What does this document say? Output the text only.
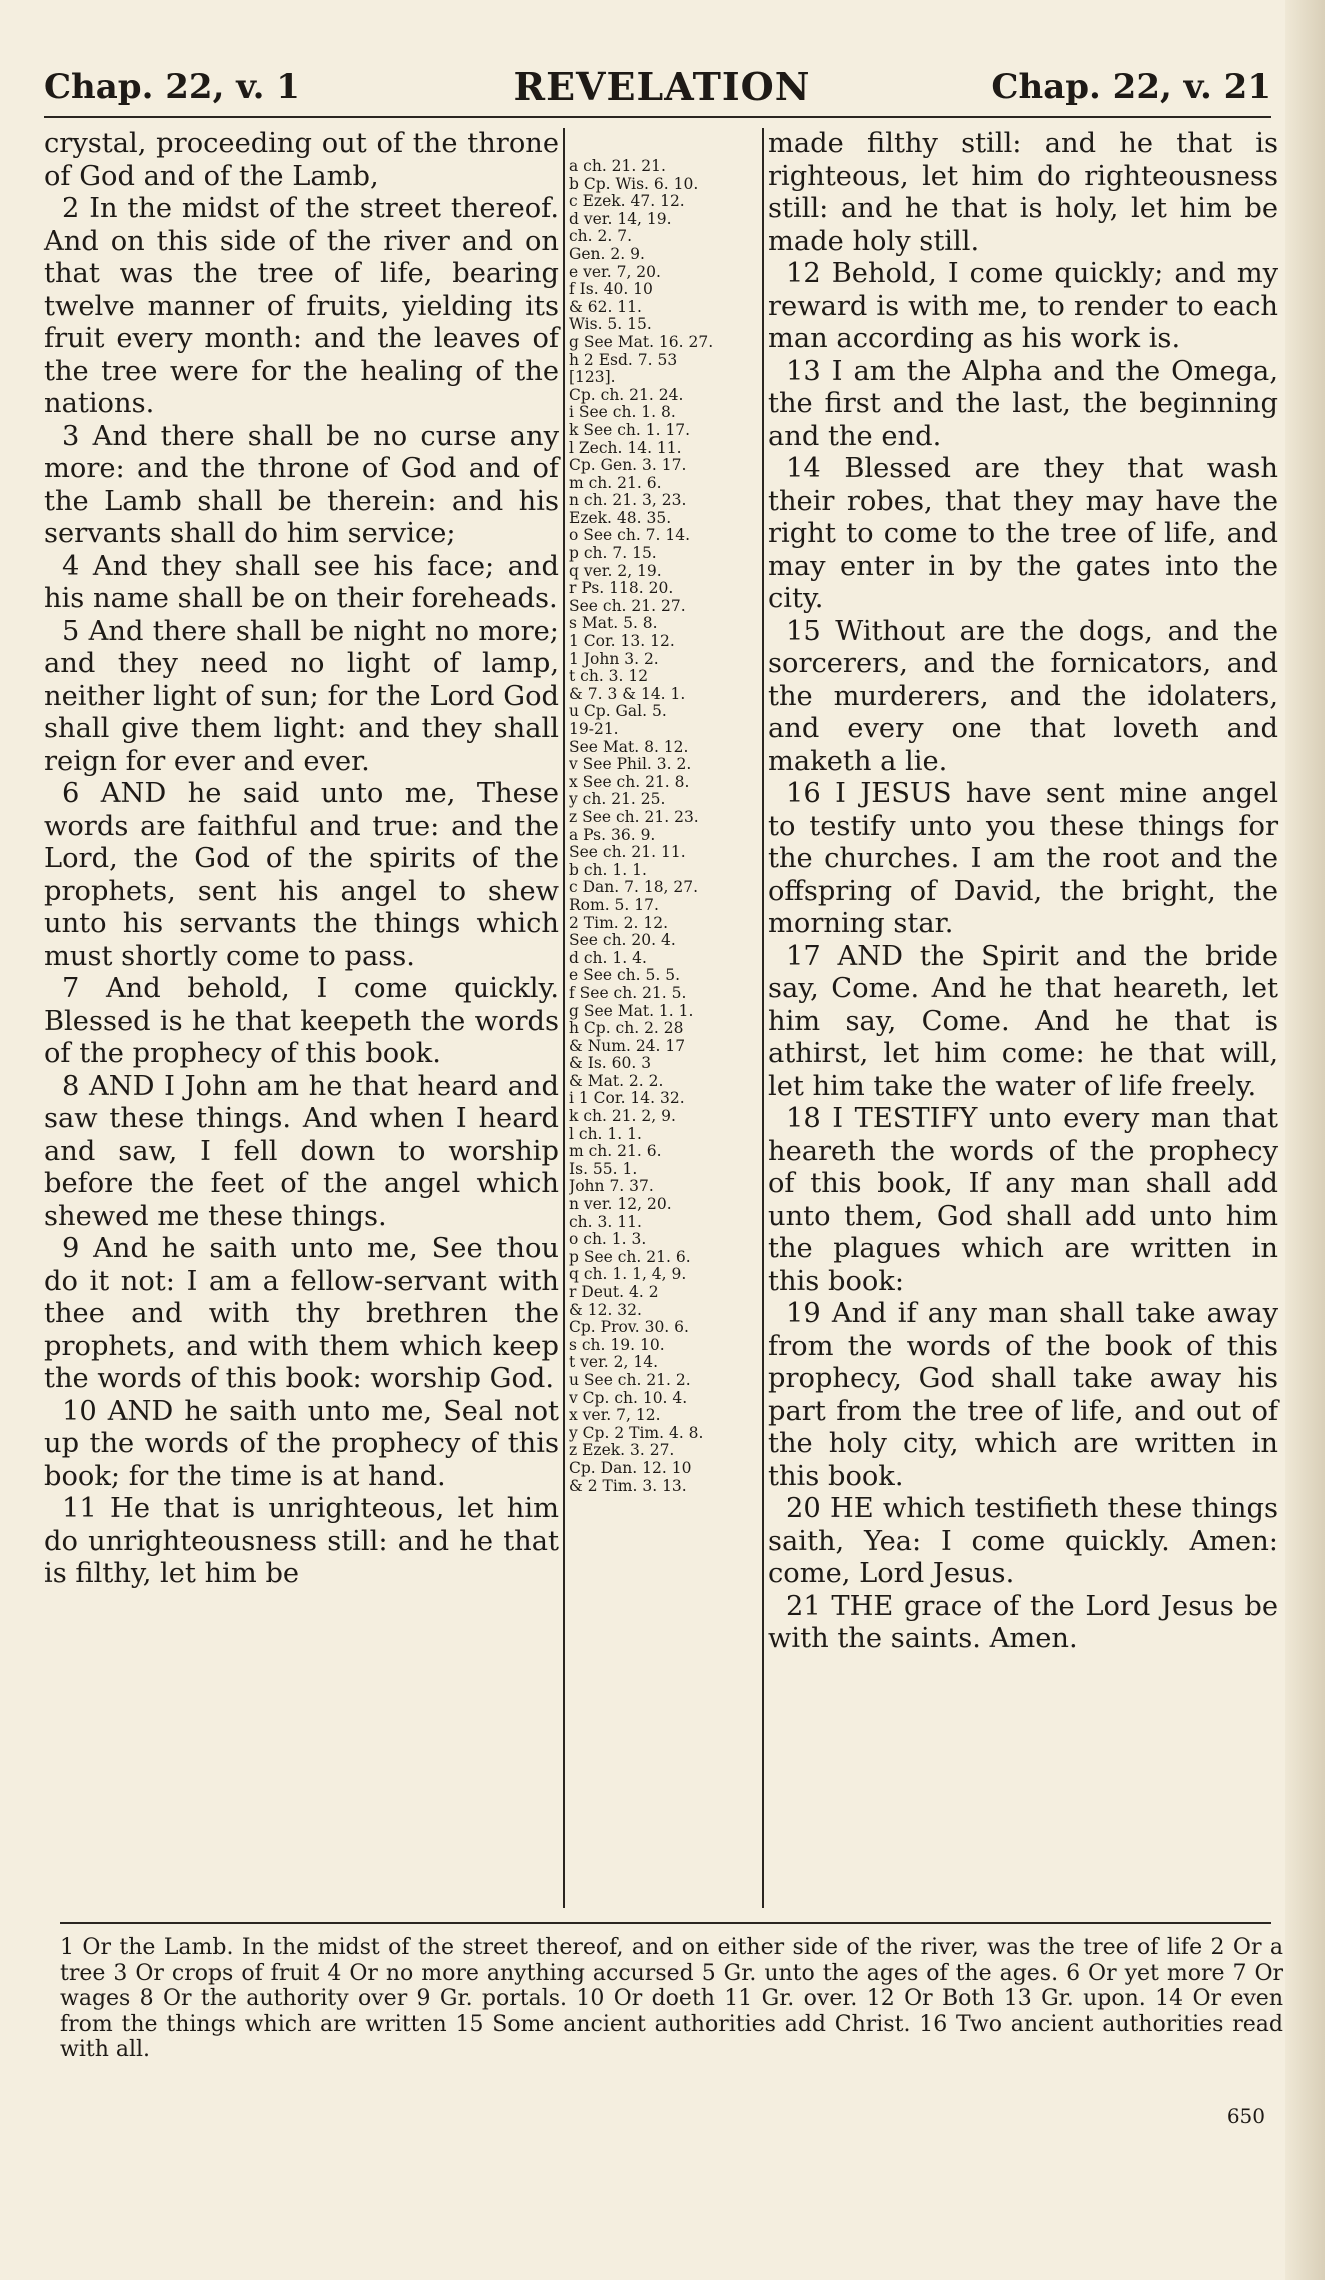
Chap. 22, v. 1	REVELATION	Chap. 22, v. 21

crystal, proceeding out of the throne of God and of the Lamb,

2 In the midst of the street thereof. And on this side of the river and on that was the tree of life, bearing twelve manner of fruits, yielding its fruit every month: and the leaves of the tree were for the healing of the nations.

3 And there shall be no curse any more: and the throne of God and of the Lamb shall be therein: and his servants shall do him service;

4 And they shall see his face; and his name shall be on their foreheads.

5 And there shall be night no more; and they need no light of lamp, neither light of sun; for the Lord God shall give them light: and they shall reign for ever and ever.

6 AND he said unto me, These words are faithful and true: and the Lord, the God of the spirits of the prophets, sent his angel to shew unto his servants the things which must shortly come to pass.

7 And behold, I come quickly. Blessed is he that keepeth the words of the prophecy of this book.

8 AND I John am he that heard and saw these things. And when I heard and saw, I fell down to worship before the feet of the angel which shewed me these things.

9 And he saith unto me, See thou do it not: I am a fellow-servant with thee and with thy brethren the prophets, and with them which keep the words of this book: worship God.

10 AND he saith unto me, Seal not up the words of the prophecy of this book; for the time is at hand.

11 He that is unrighteous, let him do unrighteousness still: and he that is filthy, let him be

a ch. 21. 21.
b Cp. Wis. 6. 10.
c Ezek. 47. 12.
d ver. 14, 19.
ch. 2. 7.
Gen. 2. 9.
e ver. 7, 20.
f Is. 40. 10
& 62. 11.
Wis. 5. 15.
g See Mat. 16. 27.
h 2 Esd. 7. 53
[123].
Cp. ch. 21. 24.
i See ch. 1. 8.
k See ch. 1. 17.
l Zech. 14. 11.
Cp. Gen. 3. 17.
m ch. 21. 6.
n ch. 21. 3, 23.
Ezek. 48. 35.
o See ch. 7. 14.
p ch. 7. 15.
q ver. 2, 19.
r Ps. 118. 20.
See ch. 21. 27.
s Mat. 5. 8.
1 Cor. 13. 12.
1 John 3. 2.
t ch. 3. 12
& 7. 3 & 14. 1.
u Cp. Gal. 5.
19-21.
See Mat. 8. 12.
v See Phil. 3. 2.
x See ch. 21. 8.
y ch. 21. 25.
z See ch. 21. 23.
a Ps. 36. 9.
See ch. 21. 11.
b ch. 1. 1.
c Dan. 7. 18, 27.
Rom. 5. 17.
2 Tim. 2. 12.
See ch. 20. 4.
d ch. 1. 4.
e See ch. 5. 5.
f See ch. 21. 5.
g See Mat. 1. 1.
h Cp. ch. 2. 28
& Num. 24. 17
& Is. 60. 3
& Mat. 2. 2.
i 1 Cor. 14. 32.
k ch. 21. 2, 9.
l ch. 1. 1.
m ch. 21. 6.
Is. 55. 1.
John 7. 37.
n ver. 12, 20.
ch. 3. 11.
o ch. 1. 3.
p See ch. 21. 6.
q ch. 1. 1, 4, 9.
r Deut. 4. 2
& 12. 32.
Cp. Prov. 30. 6.
s ch. 19. 10.
t ver. 2, 14.
u See ch. 21. 2.
v Cp. ch. 10. 4.
x ver. 7, 12.
y Cp. 2 Tim. 4. 8.
z Ezek. 3. 27.
Cp. Dan. 12. 10
& 2 Tim. 3. 13.

made filthy still: and he that is righteous, let him do righteousness still: and he that is holy, let him be made holy still.

12 Behold, I come quickly; and my reward is with me, to render to each man according as his work is.

13 I am the Alpha and the Omega, the first and the last, the beginning and the end.

14 Blessed are they that wash their robes, that they may have the right to come to the tree of life, and may enter in by the gates into the city.

15 Without are the dogs, and the sorcerers, and the fornicators, and the murderers, and the idolaters, and every one that loveth and maketh a lie.

16 I JESUS have sent mine angel to testify unto you these things for the churches. I am the root and the offspring of David, the bright, the morning star.

17 AND the Spirit and the bride say, Come. And he that heareth, let him say, Come. And he that is athirst, let him come: he that will, let him take the water of life freely.

18 I TESTIFY unto every man that heareth the words of the prophecy of this book, If any man shall add unto them, God shall add unto him the plagues which are written in this book:

19 And if any man shall take away from the words of the book of this prophecy, God shall take away his part from the tree of life, and out of the holy city, which are written in this book.

20 HE which testifieth these things saith, Yea: I come quickly. Amen: come, Lord Jesus.

21 THE grace of the Lord Jesus be with the saints. Amen.

1 Or the Lamb. In the midst of the street thereof, and on either side of the river, was the tree of life 2 Or a tree 3 Or crops of fruit 4 Or no more anything accursed 5 Gr. unto the ages of the ages. 6 Or yet more 7 Or wages 8 Or the authority over 9 Gr. portals. 10 Or doeth 11 Gr. over. 12 Or Both 13 Gr. upon. 14 Or even from the things which are written 15 Some ancient authorities add Christ. 16 Two ancient authorities read with all.
650
